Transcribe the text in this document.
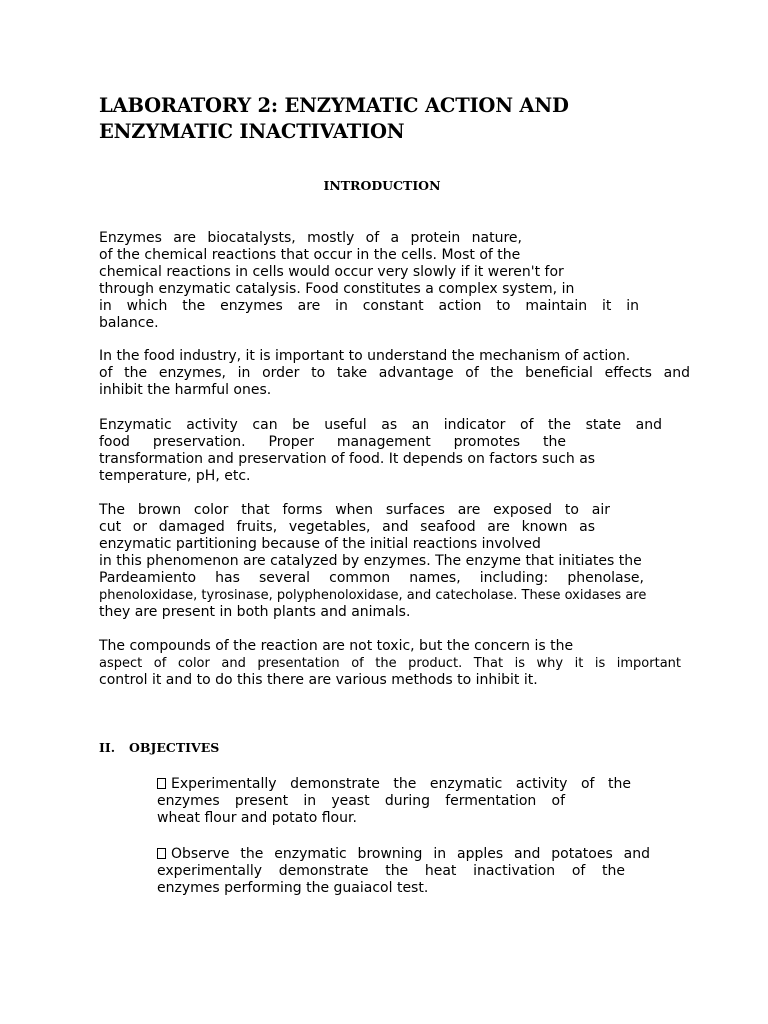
LABORATORY 2: ENZYMATIC ACTION AND
ENZYMATIC INACTIVATION
INTRODUCTION

Enzymes are biocatalysts, mostly of a protein nature,
of the chemical reactions that occur in the cells. Most of the
chemical reactions in cells would occur very slowly if it weren't for
through enzymatic catalysis. Food constitutes a complex system, in
in which the enzymes are in constant action to maintain it in
balance.

In the food industry, it is important to understand the mechanism of action.
of the enzymes, in order to take advantage of the beneficial effects and
inhibit the harmful ones.

Enzymatic activity can be useful as an indicator of the state and
food preservation. Proper management promotes the
transformation and preservation of food. It depends on factors such as
temperature, pH, etc.

The brown color that forms when surfaces are exposed to air
cut or damaged fruits, vegetables, and seafood are known as
enzymatic partitioning because of the initial reactions involved
in this phenomenon are catalyzed by enzymes. The enzyme that initiates the
Pardeamiento has several common names, including: phenolase,
phenoloxidase, tyrosinase, polyphenoloxidase, and catecholase. These oxidases are
they are present in both plants and animals.

The compounds of the reaction are not toxic, but the concern is the
aspect of color and presentation of the product. That is why it is important
control it and to do this there are various methods to inhibit it.

II. OBJECTIVES

Experimentally demonstrate the enzymatic activity of the
enzymes present in yeast during fermentation of
wheat flour and potato flour.

Observe the enzymatic browning in apples and potatoes and
experimentally demonstrate the heat inactivation of the
enzymes performing the guaiacol test.
